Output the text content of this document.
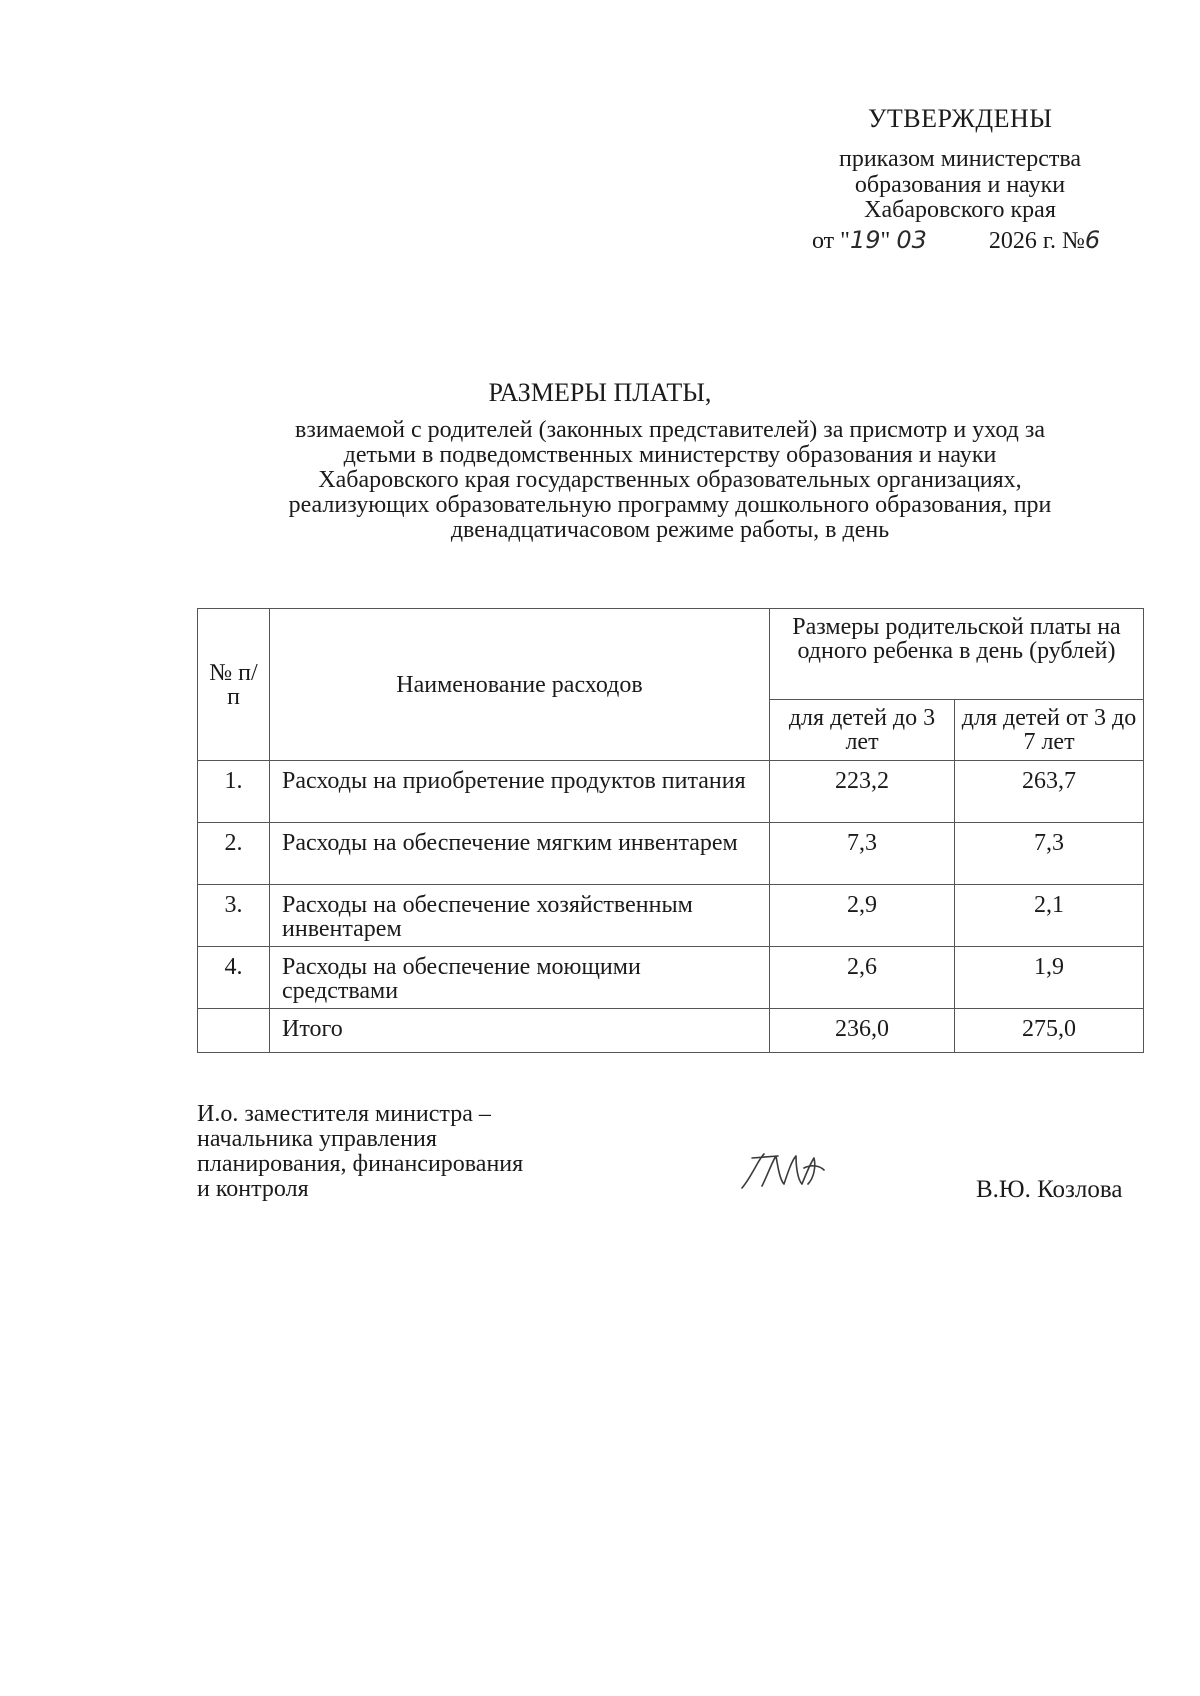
УТВЕРЖДЕНЫ
приказом министерства
образования и науки
Хабаровского края
от "19" 03	2026 г. №6
РАЗМЕРЫ ПЛАТЫ,
взимаемой с родителей (законных представителей) за присмотр и уход за
детьми в подведомственных министерству образования и науки
Хабаровского края государственных образовательных организациях,
реализующих образовательную программу дошкольного образования, при
двенадцатичасовом режиме работы, в день
№ п/п	Наименование расходов	Размеры родительской платы на одного ребенка в день (рублей)	
		для детей до 3 лет	для детей от 3 до 7 лет
1.	Расходы на приобретение продуктов питания	223,2	263,7
2.	Расходы на обеспечение мягким инвентарем	7,3	7,3
3.	Расходы на обеспечение хозяйственным инвентарем	2,9	2,1
4.	Расходы на обеспечение моющими средствами	2,6	1,9
	Итого	236,0	275,0
И.о. заместителя министра –
начальника управления
планирования, финансирования
и контроля	В.Ю. Козлова
